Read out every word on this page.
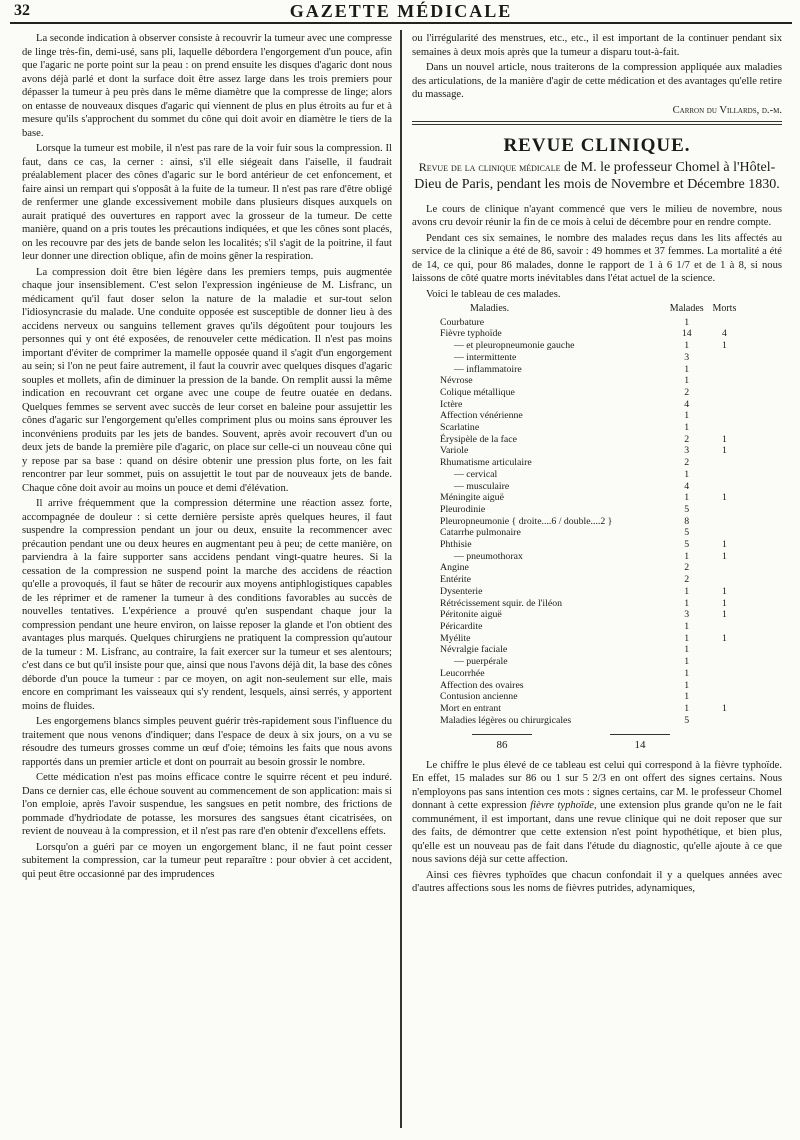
32	GAZETTE MÉDICALE

La seconde indication à observer consiste à recouvrir la tumeur avec une compresse de linge très-fin, demi-usé, sans pli, laquelle débordera l'engorgement d'un pouce, afin que l'agaric ne porte point sur la peau : on prend ensuite les disques d'agaric dont nous avons déjà parlé et dont la surface doit être assez large dans les trois premiers pour dépasser la tumeur à peu près dans le même diamètre que la compresse de linge; alors on entasse de nouveaux disques d'agaric qui viennent de plus en plus étroits au fur et à mesure qu'ils s'approchent du sommet du cône qui doit avoir en diamètre le tiers de la base.

Lorsque la tumeur est mobile, il n'est pas rare de la voir fuir sous la compression. Il faut, dans ce cas, la cerner : ainsi, s'il elle siégeait dans l'aiselle, il faudrait préalablement placer des cônes d'agaric sur le bord antérieur de cet enfoncement, et faire ainsi un rempart qui s'opposât à la fuite de la tumeur. Il n'est pas rare d'être obligé de renfermer une glande excessivement mobile dans plusieurs disques auxquels on aurait pratiqué des ouvertures en rapport avec la grosseur de la tumeur. De cette manière, quand on a pris toutes les précautions indiquées, et que les cônes sont placés, on les recouvre par des jets de bande selon les localités; s'il s'agit de la poitrine, il faut leur donner une direction oblique, afin de moins gêner la respiration.

La compression doit être bien légère dans les premiers temps, puis augmentée chaque jour insensiblement. C'est selon l'expression ingénieuse de M. Lisfranc, un médicament qu'il faut doser selon la nature de la maladie et sur-tout selon l'idiosyncrasie du malade. Une conduite opposée est susceptible de donner lieu à des accidens nerveux ou sanguins tellement graves qu'ils dégoûtent pour toujours les personnes qui y ont été exposées, de renouveler cette médication. Il n'est pas moins important d'éviter de comprimer la mamelle opposée quand il s'agit d'un engorgement au sein; si l'on ne peut faire autrement, il faut la couvrir avec quelques disques d'agaric souples et mollets, afin de diminuer la pression de la bande. On remplit aussi la même indication en recouvrant cet organe avec une coupe de feutre ouatée en dedans. Quelques femmes se servent avec succès de leur corset en baleine pour assujettir les cônes d'agaric sur l'engorgement qu'elles compriment plus ou moins sans éprouver les inconvéniens produits par les jets de bandes. Souvent, après avoir recouvert d'un ou deux jets de bande la première pile d'agaric, on place sur celle-ci un nouveau cône qui y repose par sa base : quand on désire obtenir une pression plus forte, on les fait rencontrer par leur sommet, puis on assujettit le tout par de nouveaux jets de bande. Chaque cône doit avoir au moins un pouce et demi d'élévation.

Il arrive fréquemment que la compression détermine une réaction assez forte, accompagnée de douleur : si cette dernière persiste après quelques heures, il faut suspendre la compression pendant un jour ou deux, ensuite la recommencer avec précaution pendant une ou deux heures en augmentant peu à peu; de cette manière, on parviendra à la faire supporter sans accidens pendant vingt-quatre heures. Si la cessation de la compression ne suspend point la marche des accidens de réaction qu'elle a provoqués, il faut se hâter de recourir aux moyens antiphlogistiques capables de les réprimer et de ramener la tumeur à des conditions favorables au succès de nouvelles tentatives. L'expérience a prouvé qu'en suspendant chaque jour la compression pendant une heure environ, on laisse reposer la glande et l'on obtient des avantages plus marqués. Quelques chirurgiens ne pratiquent la compression qu'autour de la tumeur : M. Lisfranc, au contraire, la fait exercer sur la tumeur et ses alentours; c'est dans ce but qu'il insiste pour que, ainsi que nous l'avons déjà dit, la base des cônes déborde d'un pouce la tumeur : par ce moyen, on agit non-seulement sur elle, mais encore en comprimant les vaisseaux qui s'y rendent, lesquels, ainsi serrés, y apportent moins de fluides.

Les engorgemens blancs simples peuvent guérir très-rapidement sous l'influence du traitement que nous venons d'indiquer; dans l'espace de deux à six jours, on a vu se résoudre des tumeurs grosses comme un œuf d'oie; témoins les faits que nous avons rapportés dans un premier article et dont on pourrait au besoin grossir le nombre.

Cette médication n'est pas moins efficace contre le squirre récent et peu induré. Dans ce dernier cas, elle échoue souvent au commencement de son application: mais si l'on emploie, après l'avoir suspendue, les sangsues en petit nombre, des frictions de pommade d'hydriodate de potasse, les morsures des sangsues étant cicatrisées, on revient de nouveau à la compression, et il n'est pas rare d'en obtenir d'excellens effets.

Lorsqu'on a guéri par ce moyen un engorgement blanc, il ne faut point cesser subitement la compression, car la tumeur peut reparaître : pour obvier à cet accident, qui peut être occasionné par des imprudences

ou l'irrégularité des menstrues, etc., etc., il est important de la continuer pendant six semaines à deux mois après que la tumeur a disparu tout-à-fait.

Dans un nouvel article, nous traiterons de la compression appliquée aux maladies des articulations, de la manière d'agir de cette médication et des avantages qu'elle retire du massage.

Carron du Villards, d.-m.
REVUE CLINIQUE.
Revue de la clinique médicale de M. le professeur Chomel à l'Hôtel-Dieu de Paris, pendant les mois de Novembre et Décembre 1830.

Le cours de clinique n'ayant commencé que vers le milieu de novembre, nous avons cru devoir réunir la fin de ce mois à celui de décembre pour en rendre compte.

Pendant ces six semaines, le nombre des malades reçus dans les lits affectés au service de la clinique a été de 86, savoir : 49 hommes et 37 femmes. La mortalité a été de 14, ce qui, pour 86 malades, donne le rapport de 1 à 6 1/7 et de 1 à 8, si nous laissons de côté quatre morts inévitables dans l'état actuel de la science.

Voici le tableau de ces malades.

Maladies.	Malades	Morts
Courbature	1	
Fièvre typhoïde	14	4
— et pleuropneumonie gauche	1	1
— intermittente	3	
— inflammatoire	1	
Névrose	1	
Colique métallique	2	
Ictère	4	
Affection vénérienne	1	
Scarlatine	1	
Érysipèle de la face	2	1
Variole	3	1
Rhumatisme articulaire	2	
— cervical	1	
— musculaire	4	
Méningite aiguë	1	1
Pleurodinie	5	
Pleuropneumonie { droite....6 / double....2 }	8	
Catarrhe pulmonaire	5	
Phthisie	5	1
— pneumothorax	1	1
Angine	2	
Entérite	2	
Dysenterie	1	1
Rétrécissement squir. de l'iléon	1	1
Péritonite aiguë	3	1
Péricardite	1	
Myélite	1	1
Névralgie faciale	1	
— puerpérale	1	
Leucorrhée	1	
Affection des ovaires	1	
Contusion ancienne	1	
Mort en entrant	1	1
Maladies légères ou chirurgicales	5	
86	14

Le chiffre le plus élevé de ce tableau est celui qui correspond à la fièvre typhoïde. En effet, 15 malades sur 86 ou 1 sur 5 2/3 en ont offert des signes certains. Nous n'employons pas sans intention ces mots : signes certains, car M. le professeur Chomel donnant à cette expression fièvre typhoïde, une extension plus grande qu'on ne le fait communément, il est important, dans une revue clinique qui ne doit reposer que sur des faits, de démontrer que cette extension n'est point hypothétique, et bien plus, qu'elle est un nouveau pas de fait dans l'étude du diagnostic, qu'elle ajoute à ce que nous savions déjà sur cette affection.

Ainsi ces fièvres typhoïdes que chacun confondait il y a quelques années avec d'autres affections sous les noms de fièvres putrides, adynamiques,
